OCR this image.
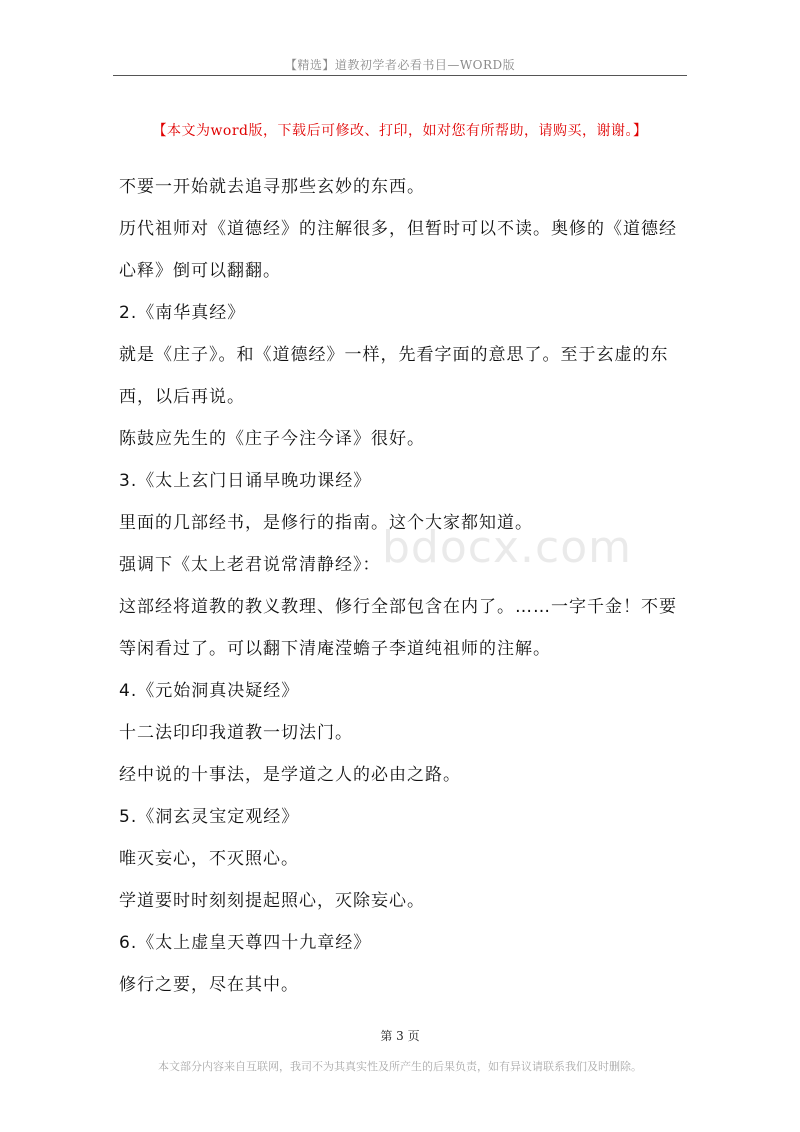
【精选】道教初学者必看书目—WORD版
【本文为word版，下载后可修改、打印，如对您有所帮助，请购买，谢谢。】

不要一开始就去追寻那些玄妙的东西。

历代祖师对《道德经》的注解很多，但暂时可以不读。奥修的《道德经心释》倒可以翻翻。

2.《南华真经》

就是《庄子》。和《道德经》一样，先看字面的意思了。至于玄虚的东西，以后再说。

陈鼓应先生的《庄子今注今译》很好。

3.《太上玄门日诵早晚功课经》

里面的几部经书，是修行的指南。这个大家都知道。

强调下《太上老君说常清静经》：

这部经将道教的教义教理、修行全部包含在内了。……一字千金！不要等闲看过了。可以翻下清庵滢蟾子李道纯祖师的注解。

4.《元始洞真决疑经》

十二法印印我道教一切法门。

经中说的十事法，是学道之人的必由之路。

5.《洞玄灵宝定观经》

唯灭妄心，不灭照心。

学道要时时刻刻提起照心，灭除妄心。

6.《太上虚皇天尊四十九章经》

修行之要，尽在其中。

bdocx.com
第 3 页
本文部分内容来自互联网，我司不为其真实性及所产生的后果负责，如有异议请联系我们及时删除。
